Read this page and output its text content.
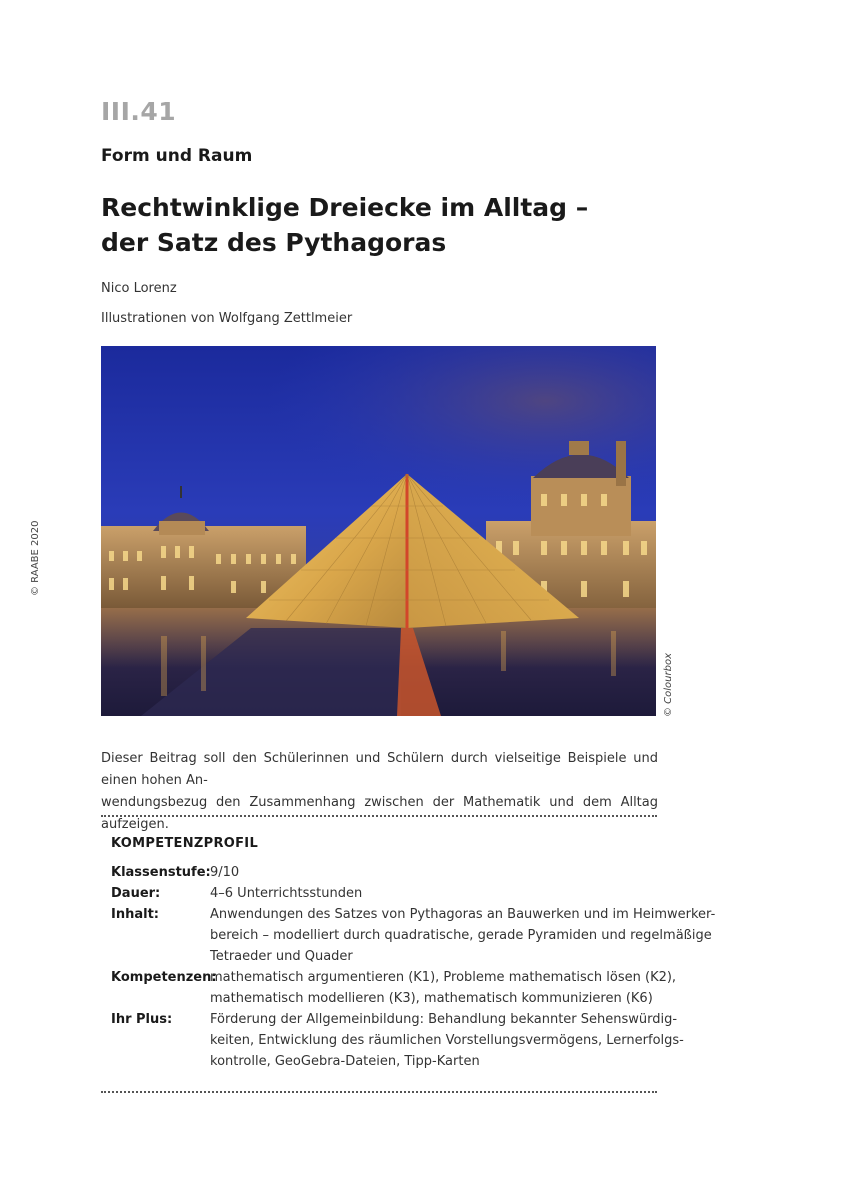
III.41
Form und Raum
Rechtwinklige Dreiecke im Alltag –
der Satz des Pythagoras
Nico Lorenz
Illustrationen von Wolfgang Zettlmeier
© RAABE 2020
© Colourbox
Dieser Beitrag soll den Schülerinnen und Schülern durch vielseitige Beispiele und einen hohen An-
wendungsbezug den Zusammenhang zwischen der Mathematik und dem Alltag aufzeigen.
KOMPETENZPROFIL
Klassenstufe: 9/10
Dauer:	4–6 Unterrichtsstunden
Inhalt:	Anwendungen des Satzes von Pythagoras an Bauwerken und im Heimwerker-
bereich – modelliert durch quadratische, gerade Pyramiden und regelmäßige
Tetraeder und Quader
Kompetenzen:
mathematisch argumentieren (K1), Probleme mathematisch lösen (K2),
mathematisch modellieren (K3), mathematisch kommunizieren (K6)
Ihr Plus:	Förderung der Allgemeinbildung: Behandlung bekannter Sehenswürdig-
keiten, Entwicklung des räumlichen Vorstellungsvermögens, Lernerfolgs-
kontrolle, GeoGebra-Dateien, Tipp-Karten
